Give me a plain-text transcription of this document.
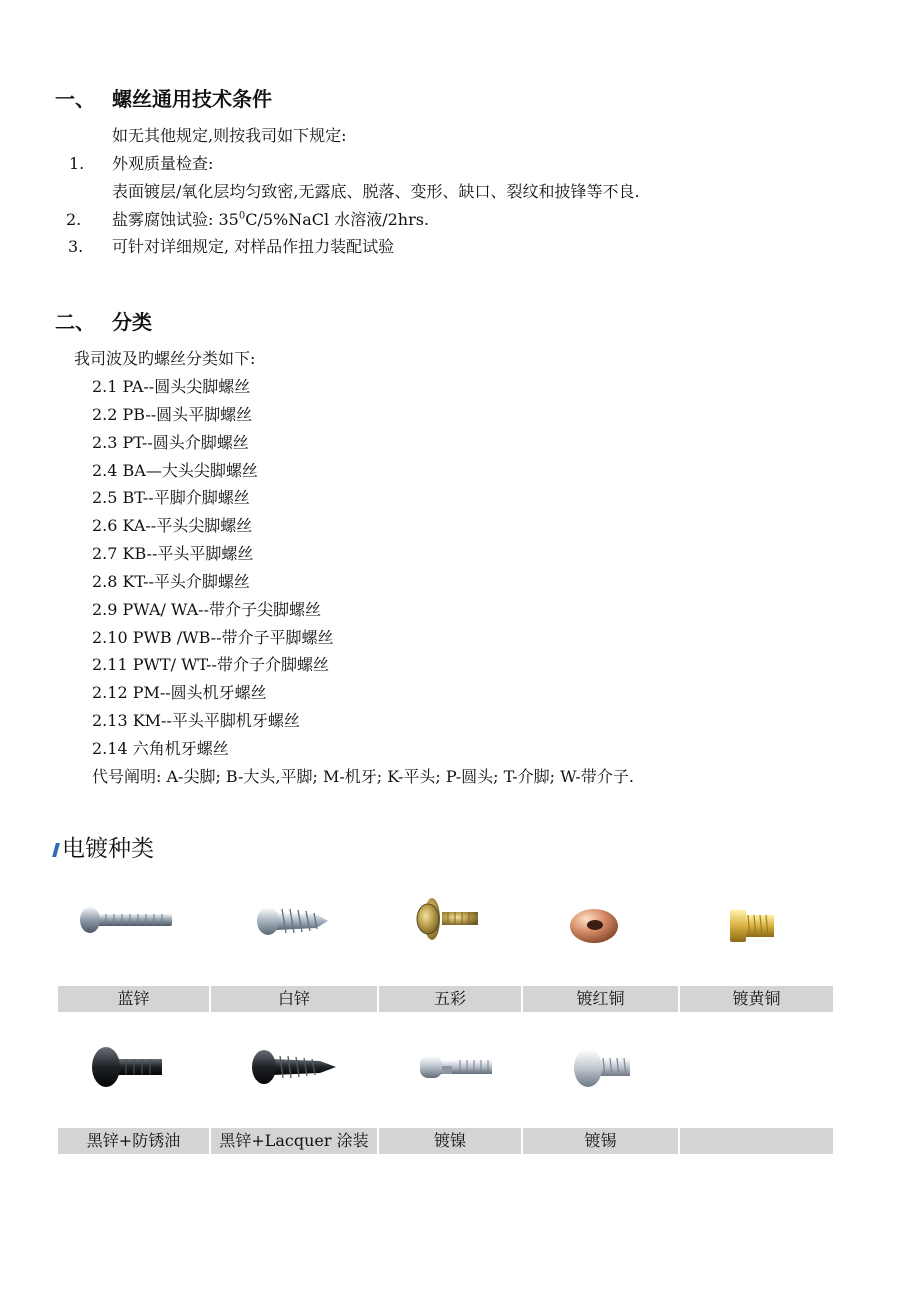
一、 螺丝通用技术条件
如无其他规定,则按我司如下规定:
1. 外观质量检查:
表面镀层/氧化层均匀致密,无露底、脱落、变形、缺口、裂纹和披锋等不良.
2. 盐雾腐蚀试验: $35^0C/5\%NaCl$ 水溶液/2hrs.
3. 可针对详细规定, 对样品作扭力装配试验
二、 分类
我司波及旳螺丝分类如下:
2.1 PA--圆头尖脚螺丝
2.2 PB--圆头平脚螺丝
2.3 PT--圆头介脚螺丝
2.4 BA—大头尖脚螺丝
2.5 BT--平脚介脚螺丝
2.6 KA--平头尖脚螺丝
2.7 KB--平头平脚螺丝
2.8 KT--平头介脚螺丝
2.9 PWA/ WA--带介子尖脚螺丝
2.10 PWB /WB--带介子平脚螺丝
2.11 PWT/ WT--带介子介脚螺丝
2.12 PM--圆头机牙螺丝
2.13 KM--平头平脚机牙螺丝
2.14 六角机牙螺丝
代号阐明: A-尖脚; B-大头,平脚; M-机牙; K-平头; P-圆头; T-介脚; W-带介子.
电镀种类
蓝锌	白锌	五彩	镀红铜	镀黄铜
黑锌+防锈油	黑锌+Lacquer 涂装	镀镍	镀锡
